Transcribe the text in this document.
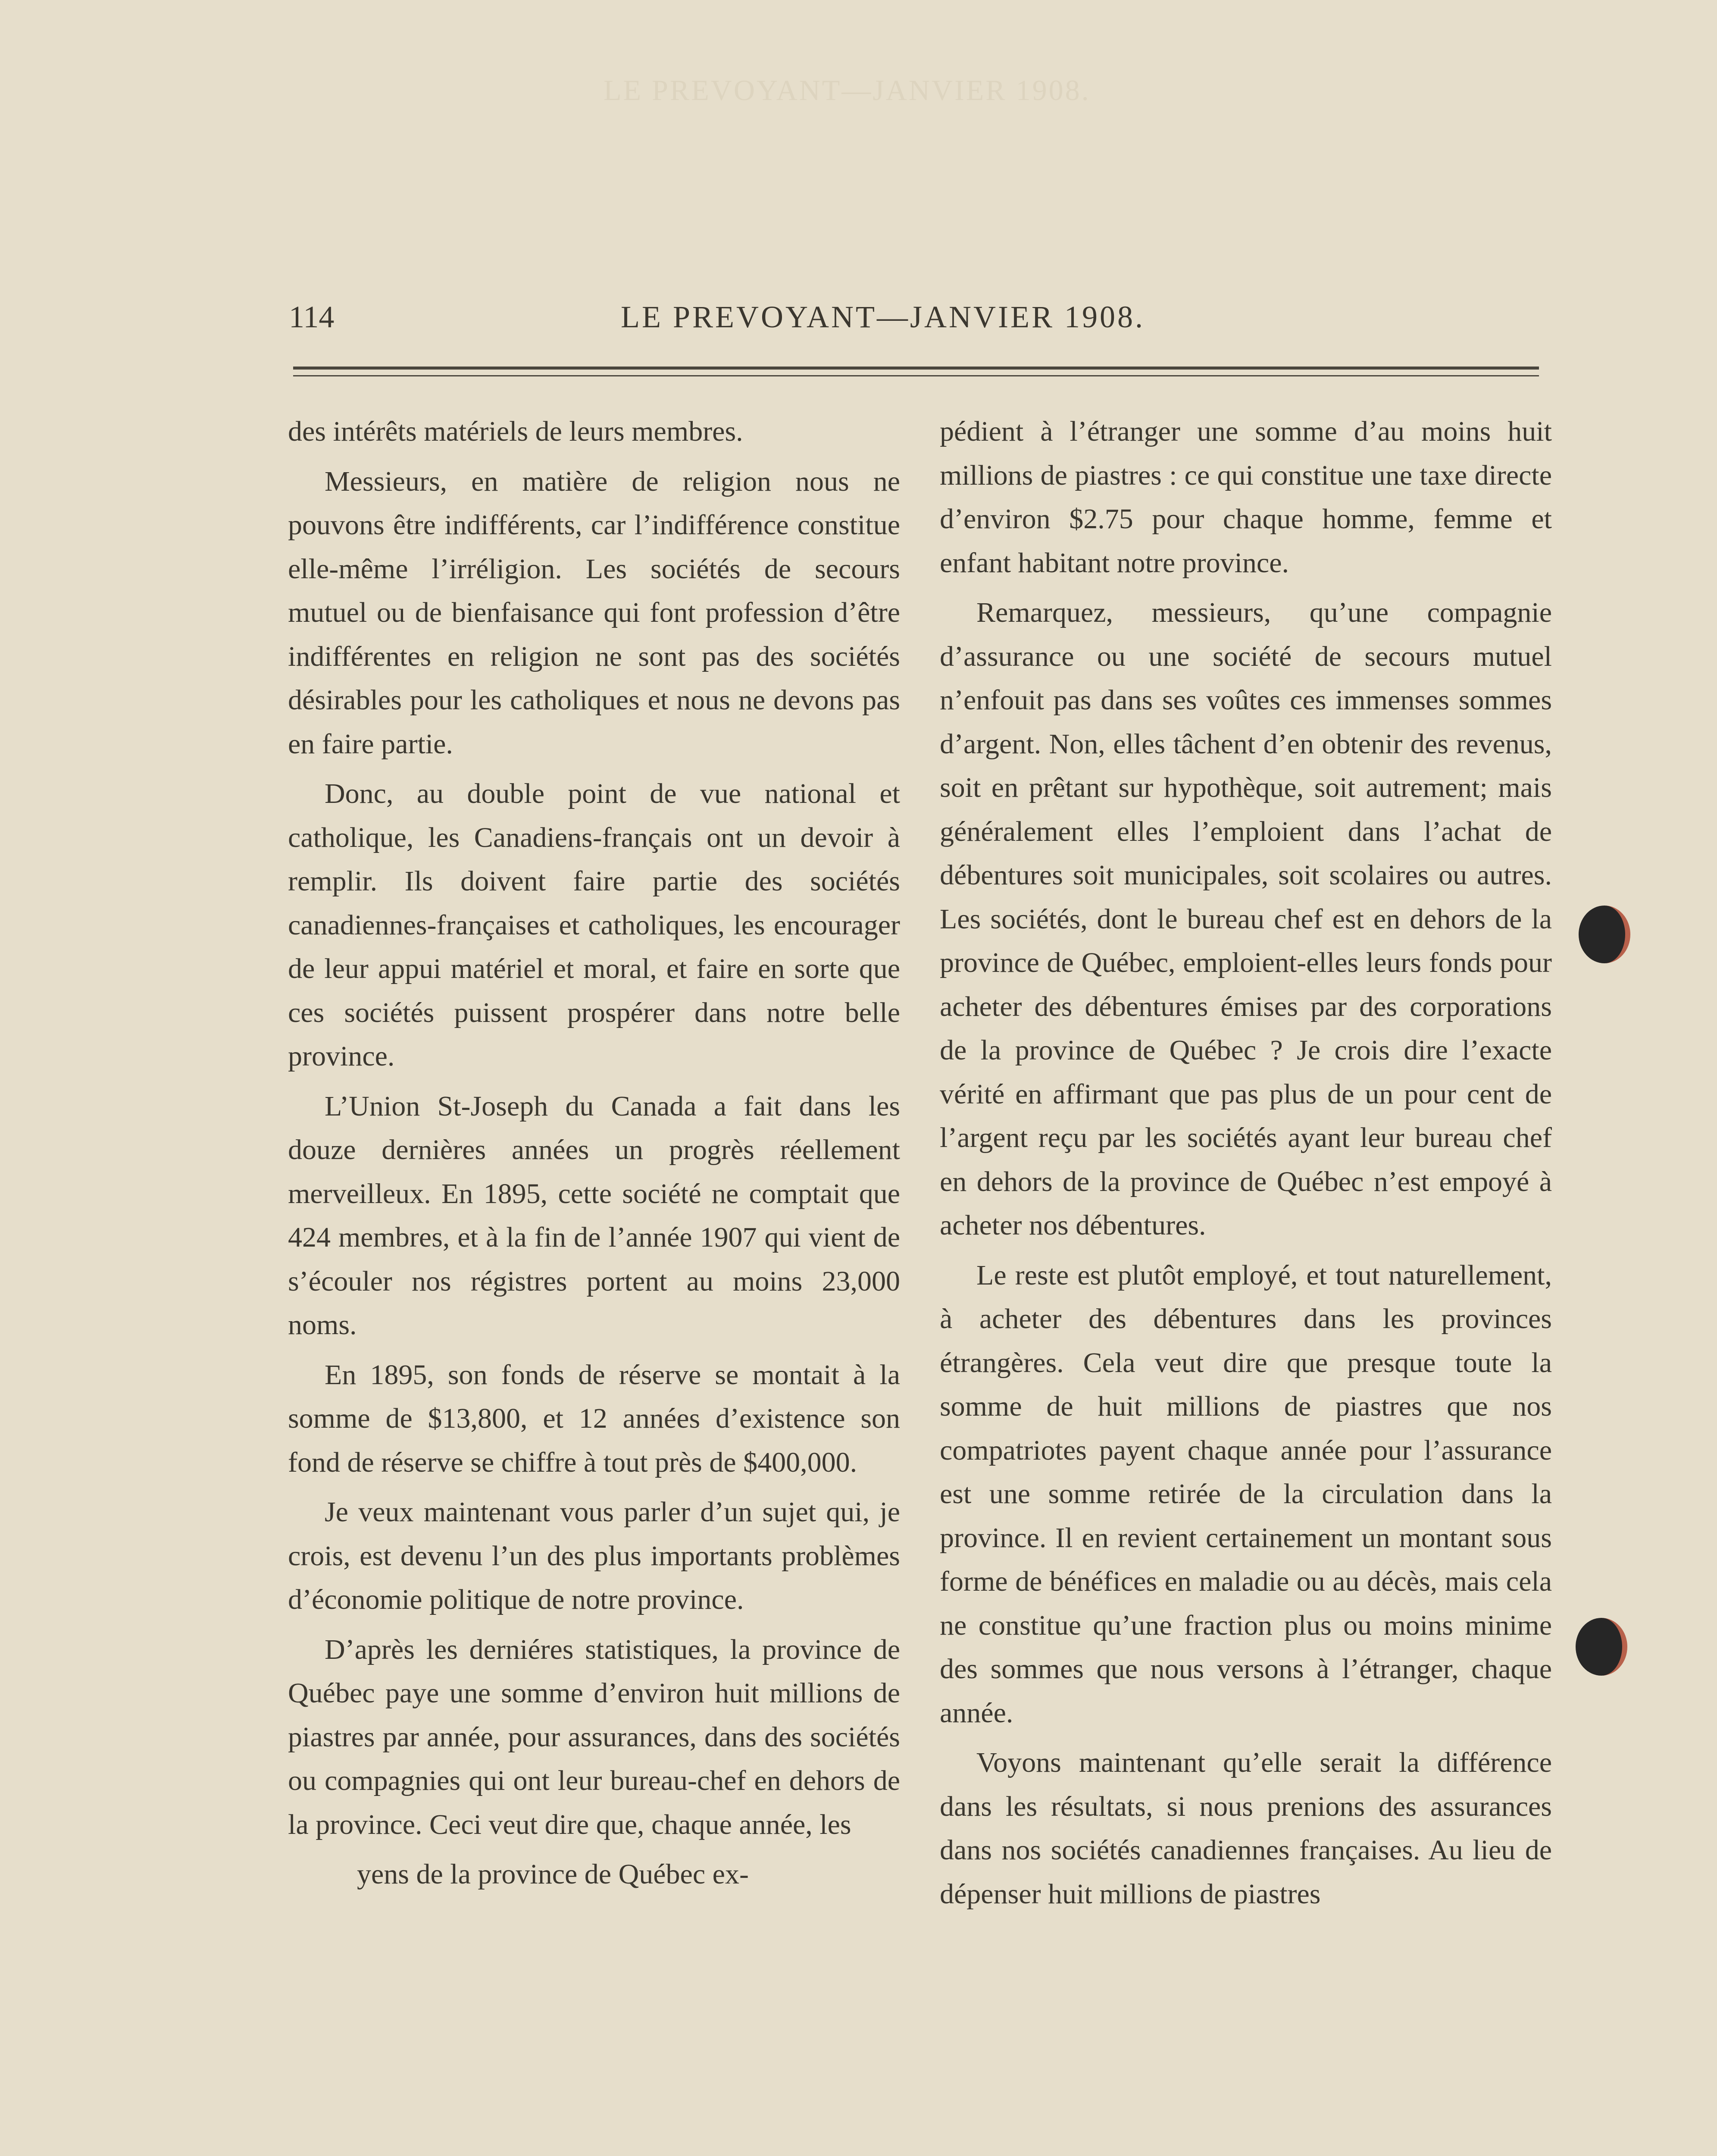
LE PREVOYANT—JANVIER 1908.
114	LE PREVOYANT—JANVIER 1908.

des intérêts matériels de leurs membres.

Messieurs, en matière de religion nous ne pouvons être indifférents, car l’indifférence constitue elle-même l’irréligion. Les sociétés de secours mutuel ou de bienfaisance qui font profession d’être indifférentes en religion ne sont pas des sociétés désirables pour les catholiques et nous ne devons pas en faire partie.

Donc, au double point de vue national et catholique, les Canadiens-français ont un devoir à remplir. Ils doivent faire partie des sociétés canadiennes-françaises et catholiques, les encourager de leur appui matériel et moral, et faire en sorte que ces sociétés puissent prospérer dans notre belle province.

L’Union St-Joseph du Canada a fait dans les douze dernières années un progrès réellement merveilleux. En 1895, cette société ne comptait que 424 membres, et à la fin de l’année 1907 qui vient de s’écouler nos régistres portent au moins 23,000 noms.

En 1895, son fonds de réserve se montait à la somme de $13,800, et 12 années d’existence son fond de réserve se chiffre à tout près de $400,000.

Je veux maintenant vous parler d’un sujet qui, je crois, est devenu l’un des plus importants problèmes d’économie politique de notre province.

D’après les derniéres statistiques, la province de Québec paye une somme d’environ huit millions de piastres par année, pour assurances, dans des sociétés ou compagnies qui ont leur bureau-chef en dehors de la province. Ceci veut dire que, chaque année, les

yens de la province de Québec ex-

pédient à l’étranger une somme d’au moins huit millions de piastres : ce qui constitue une taxe directe d’environ $2.75 pour chaque homme, femme et enfant habitant notre province.

Remarquez, messieurs, qu’une compagnie d’assurance ou une société de secours mutuel n’enfouit pas dans ses voûtes ces immenses sommes d’argent. Non, elles tâchent d’en obtenir des revenus, soit en prêtant sur hypothèque, soit autrement; mais généralement elles l’emploient dans l’achat de débentures soit municipales, soit scolaires ou autres. Les sociétés, dont le bureau chef est en dehors de la province de Québec, emploient-elles leurs fonds pour acheter des débentures émises par des corporations de la province de Québec ? Je crois dire l’exacte vérité en affirmant que pas plus de un pour cent de l’argent reçu par les sociétés ayant leur bureau chef en dehors de la province de Québec n’est empoyé à acheter nos débentures.

Le reste est plutôt employé, et tout naturellement, à acheter des débentures dans les provinces étrangères. Cela veut dire que presque toute la somme de huit millions de piastres que nos compatriotes payent chaque année pour l’assurance est une somme retirée de la circulation dans la province. Il en revient certainement un montant sous forme de bénéfices en maladie ou au décès, mais cela ne constitue qu’une fraction plus ou moins minime des sommes que nous versons à l’étranger, chaque année.

Voyons maintenant qu’elle serait la différence dans les résultats, si nous prenions des assurances dans nos sociétés canadiennes françaises. Au lieu de dépenser huit millions de piastres
